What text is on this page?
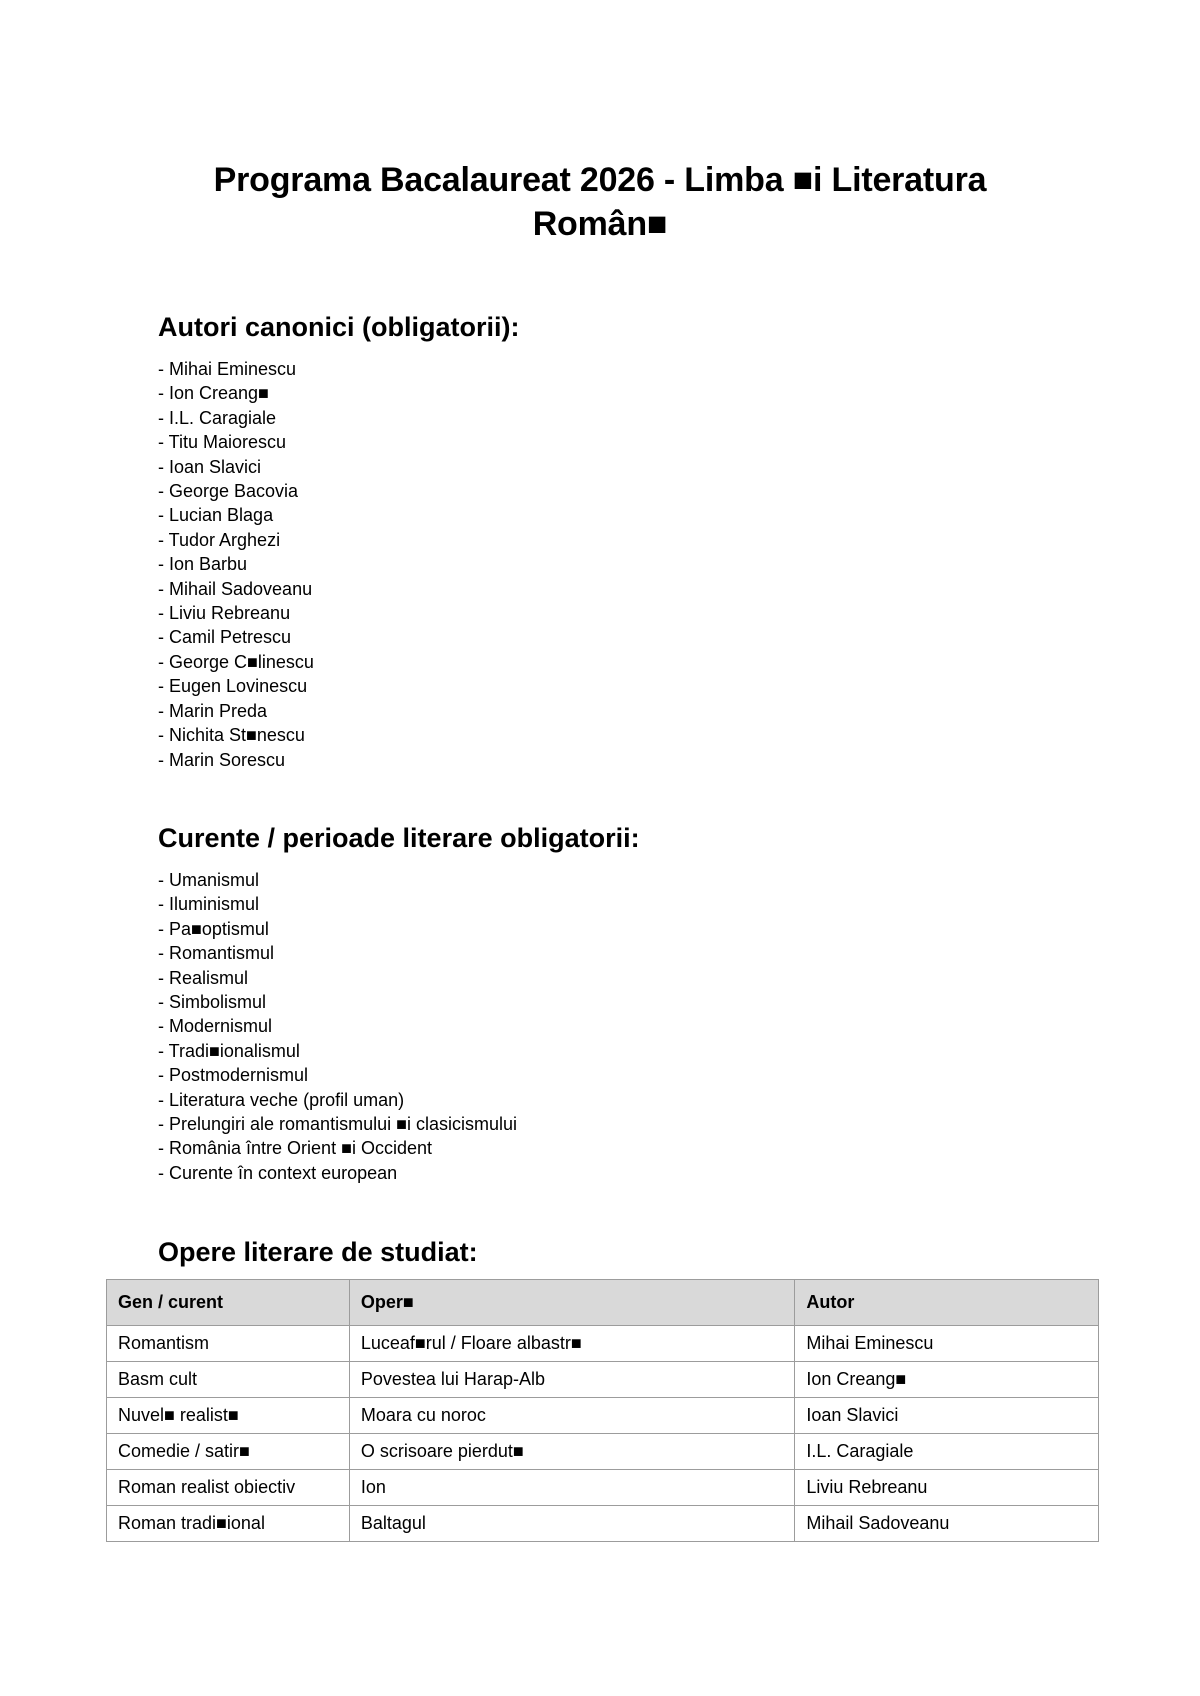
Programa Bacalaureat 2026 - Limba ■i Literatura Român■
Autori canonici (obligatorii):
- Mihai Eminescu
- Ion Creang■
- I.L. Caragiale
- Titu Maiorescu
- Ioan Slavici
- George Bacovia
- Lucian Blaga
- Tudor Arghezi
- Ion Barbu
- Mihail Sadoveanu
- Liviu Rebreanu
- Camil Petrescu
- George C■linescu
- Eugen Lovinescu
- Marin Preda
- Nichita St■nescu
- Marin Sorescu
Curente / perioade literare obligatorii:
- Umanismul
- Iluminismul
- Pa■optismul
- Romantismul
- Realismul
- Simbolismul
- Modernismul
- Tradi■ionalismul
- Postmodernismul
- Literatura veche (profil uman)
- Prelungiri ale romantismului ■i clasicismului
- România între Orient ■i Occident
- Curente în context european
Opere literare de studiat:
Gen / curent	Oper■	Autor
Romantism	Luceaf■rul / Floare albastr■	Mihai Eminescu
Basm cult	Povestea lui Harap-Alb	Ion Creang■
Nuvel■ realist■	Moara cu noroc	Ioan Slavici
Comedie / satir■	O scrisoare pierdut■	I.L. Caragiale
Roman realist obiectiv	Ion	Liviu Rebreanu
Roman tradi■ional	Baltagul	Mihail Sadoveanu
